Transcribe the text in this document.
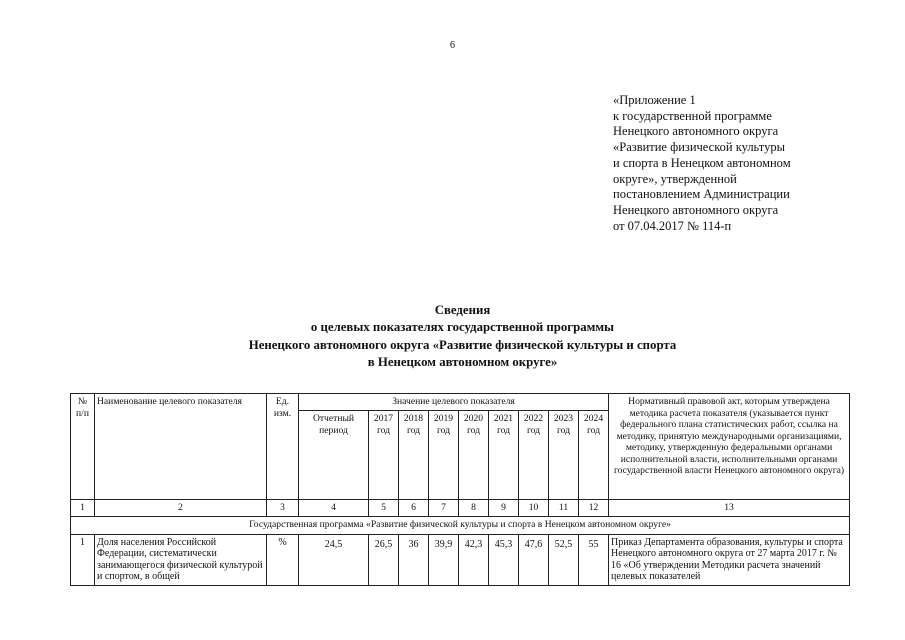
6
«Приложение 1
к государственной программе
Ненецкого автономного округа
«Развитие физической культуры
и спорта в Ненецком автономном
округе», утвержденной
постановлением Администрации
Ненецкого автономного округа
от 07.04.2017 № 114-п
Сведения
о целевых показателях государственной программы
Ненецкого автономного округа «Развитие физической культуры и спорта
в Ненецком автономном округе»
№ п/п	Наименование целевого показателя	Ед. изм.	Значение целевого показателя									Нормативный правовой акт, которым утверждена методика расчета показателя (указывается пункт федерального плана статистических работ, ссылка на методику, принятую международными организациями, методику, утвержденную федеральными органами исполнительной власти, исполнительными органами государственной власти Ненецкого автономного округа)
			Отчетный период	2017 год	2018 год	2019 год	2020 год	2021 год	2022 год	2023 год	2024 год	
1	2	3	4	5	6	7	8	9	10	11	12	13
Государственная программа «Развитие физической культуры и спорта в Ненецком автономном округе»												
1	Доля населения Российской Федерации, систематически занимающегося физической культурой и спортом, в общей	%	24,5	26,5	36	39,9	42,3	45,3	47,6	52,5	55	Приказ Департамента образования, культуры и спорта Ненецкого автономного округа от 27 марта 2017 г. № 16 «Об утверждении Методики расчета значений целевых показателей
